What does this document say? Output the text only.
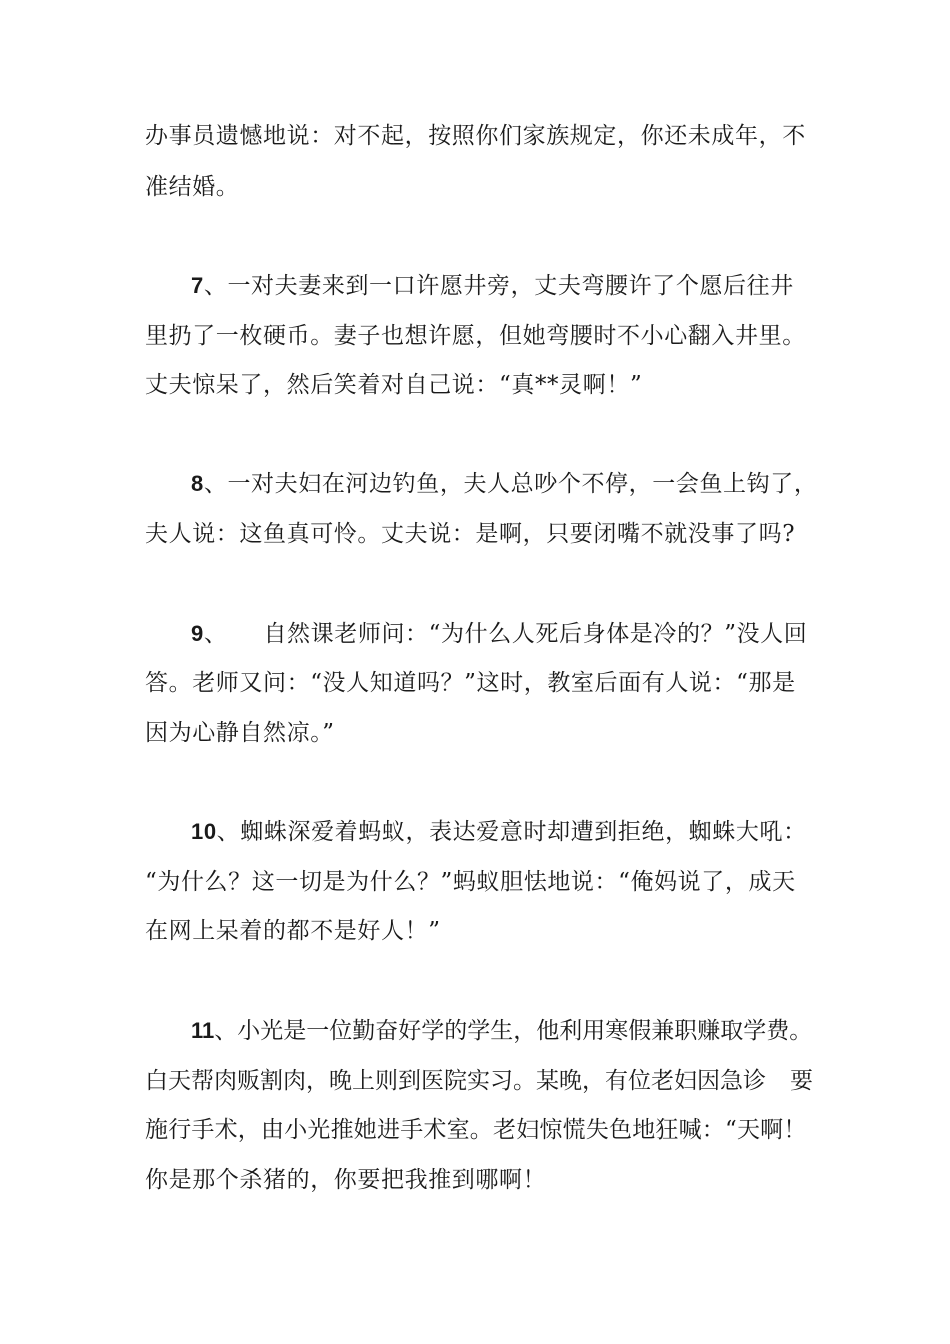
办事员遗憾地说：对不起，按照你们家族规定，你还未成年，不
准结婚。
7、一对夫妻来到一口许愿井旁，丈夫弯腰许了个愿后往井
里扔了一枚硬币。妻子也想许愿，但她弯腰时不小心翻入井里。
丈夫惊呆了，然后笑着对自己说：“真**灵啊！”
8、一对夫妇在河边钓鱼，夫人总吵个不停，一会鱼上钩了，
夫人说：这鱼真可怜。丈夫说：是啊，只要闭嘴不就没事了吗?
9、 自然课老师问：“为什么人死后身体是冷的？”没人回
答。老师又问：“没人知道吗？”这时，教室后面有人说：“那是
因为心静自然凉。”
10、蜘蛛深爱着蚂蚁，表达爱意时却遭到拒绝，蜘蛛大吼：
“为什么？这一切是为什么？”蚂蚁胆怯地说：“俺妈说了，成天
在网上呆着的都不是好人！”
11、小光是一位勤奋好学的学生，他利用寒假兼职赚取学费。
白天帮肉贩割肉，晚上则到医院实习。某晚，有位老妇因急诊 要
施行手术，由小光推她进手术室。老妇惊慌失色地狂喊：“天啊！
你是那个杀猪的，你要把我推到哪啊！
